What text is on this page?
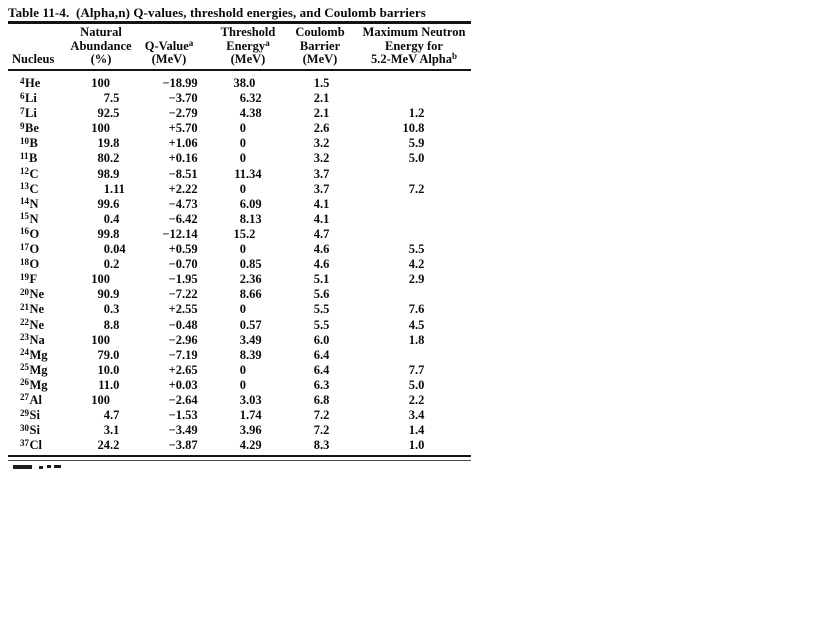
Table 11-4.  (Alpha,n) Q-values, threshold energies, and Coulomb barriers
Nucleus
Natural
Abundance
(%)
Q-Value$^a$
(MeV)
Threshold
Energy$^a$
(MeV)
Coulomb
Barrier
(MeV)
Maximum Neutron
Energy for
5.2-MeV Alpha$^b$
$^4$He	100	−18.99	38.0	1.5
$^6$Li	7.5	−3.70	6.32	2.1
$^7$Li	92.5	−2.79	4.38	2.1	1.2
$^9$Be	100	+5.70	0	2.6	10.8
$^{10}$B	19.8	+1.06	0	3.2	5.9
$^{11}$B	80.2	+0.16	0	3.2	5.0
$^{12}$C	98.9	−8.51	11.34	3.7
$^{13}$C	1.11	+2.22	0	3.7	7.2
$^{14}$N	99.6	−4.73	6.09	4.1
$^{15}$N	0.4	−6.42	8.13	4.1
$^{16}$O	99.8	−12.14	15.2	4.7
$^{17}$O	0.04	+0.59	0	4.6	5.5
$^{18}$O	0.2	−0.70	0.85	4.6	4.2
$^{19}$F	100	−1.95	2.36	5.1	2.9
$^{20}$Ne	90.9	−7.22	8.66	5.6
$^{21}$Ne	0.3	+2.55	0	5.5	7.6
$^{22}$Ne	8.8	−0.48	0.57	5.5	4.5
$^{23}$Na	100	−2.96	3.49	6.0	1.8
$^{24}$Mg	79.0	−7.19	8.39	6.4
$^{25}$Mg	10.0	+2.65	0	6.4	7.7
$^{26}$Mg	11.0	+0.03	0	6.3	5.0
$^{27}$Al	100	−2.64	3.03	6.8	2.2
$^{29}$Si	4.7	−1.53	1.74	7.2	3.4
$^{30}$Si	3.1	−3.49	3.96	7.2	1.4
$^{37}$Cl	24.2	−3.87	4.29	8.3	1.0
